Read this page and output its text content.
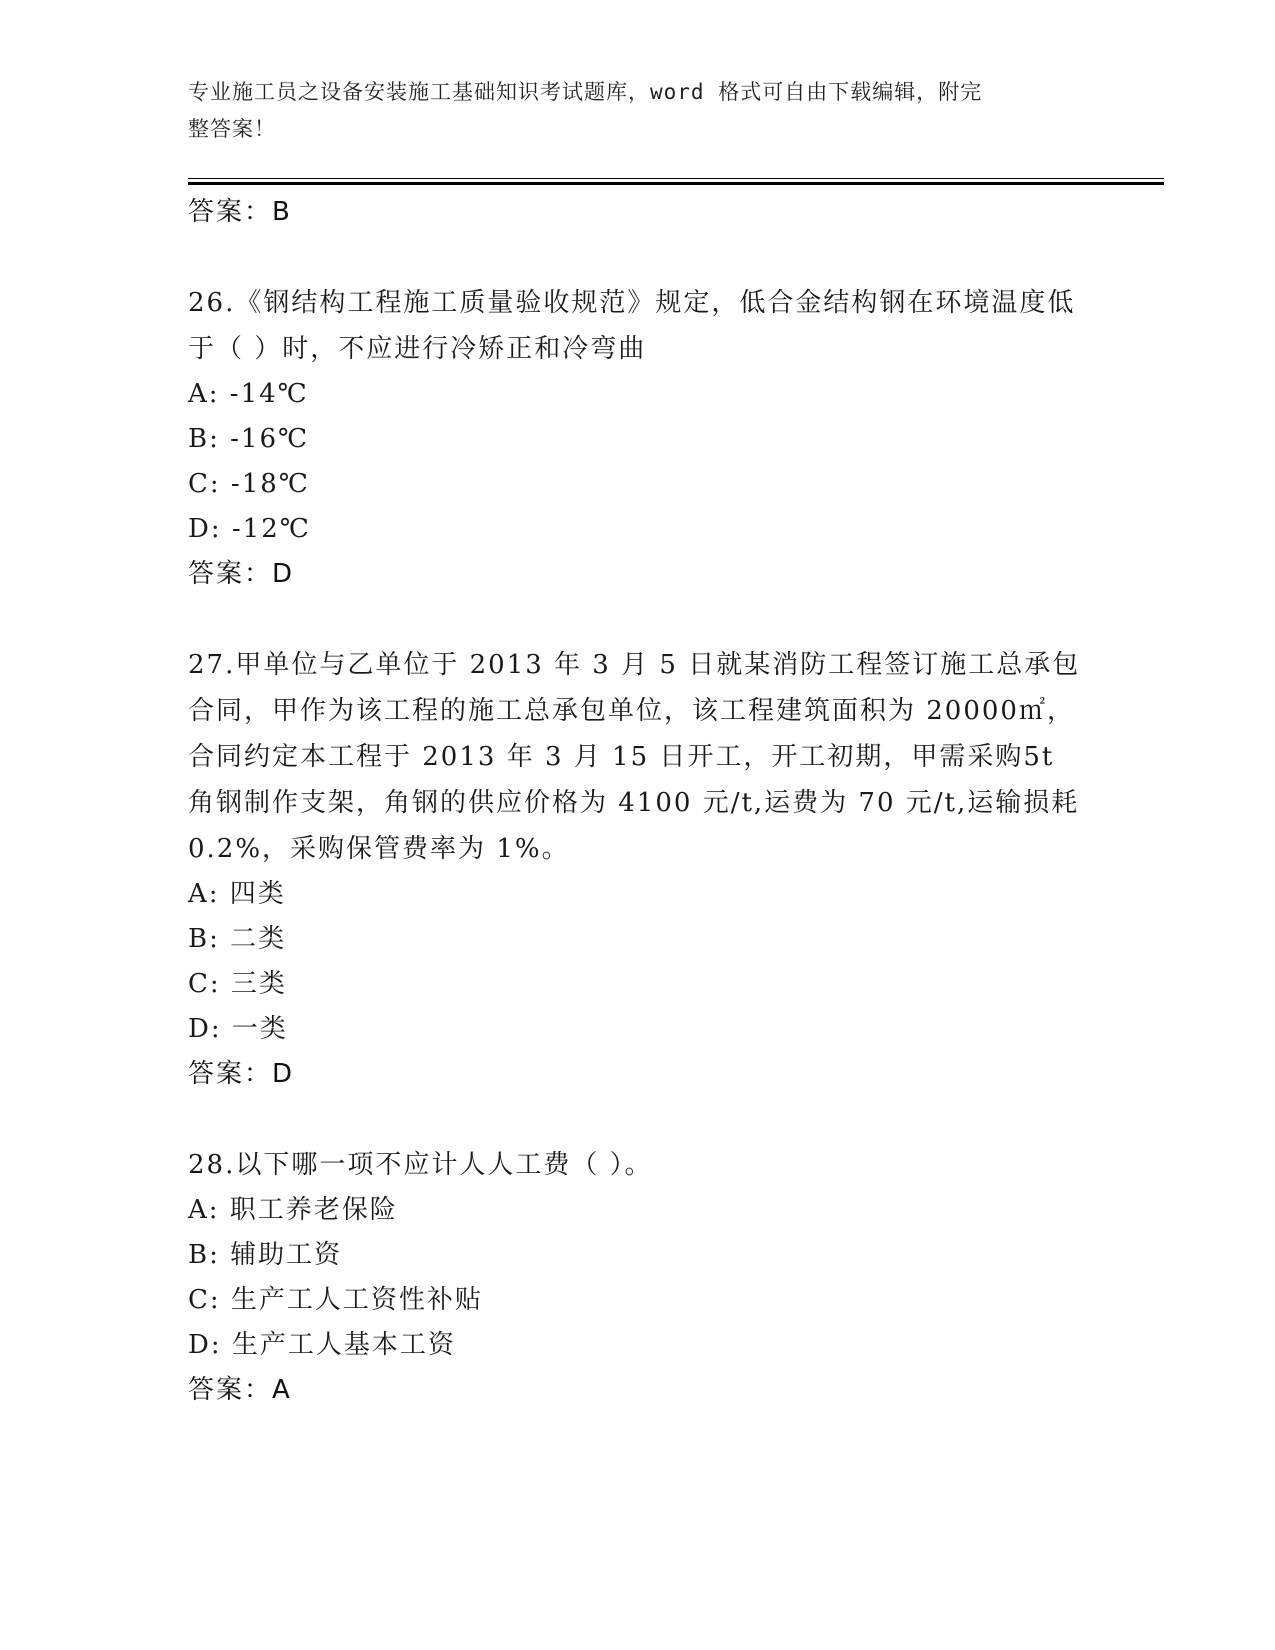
专业施工员之设备安装施工基础知识考试题库，word 格式可自由下载编辑，附完
整答案！
答案：B

26.《钢结构工程施工质量验收规范》规定，低合金结构钢在环境温度低于（ ）时，不应进行冷矫正和冷弯曲

A: -14℃
B: -16℃
C: -18℃
D: -12℃
答案：D

27.甲单位与乙单位于 2013 年 3 月 5 日就某消防工程签订施工总承包合同，甲作为该工程的施工总承包单位，该工程建筑面积为 20000㎡，合同约定本工程于 2013 年 3 月 15 日开工，开工初期，甲需采购5t 角钢制作支架，角钢的供应价格为 4100 元/t,运费为 70 元/t,运输损耗0.2%，采购保管费率为 1%。

A: 四类
B: 二类
C: 三类
D: 一类
答案：D

28.以下哪一项不应计人人工费（ ）。

A: 职工养老保险
B: 辅助工资
C: 生产工人工资性补贴
D: 生产工人基本工资
答案：A
